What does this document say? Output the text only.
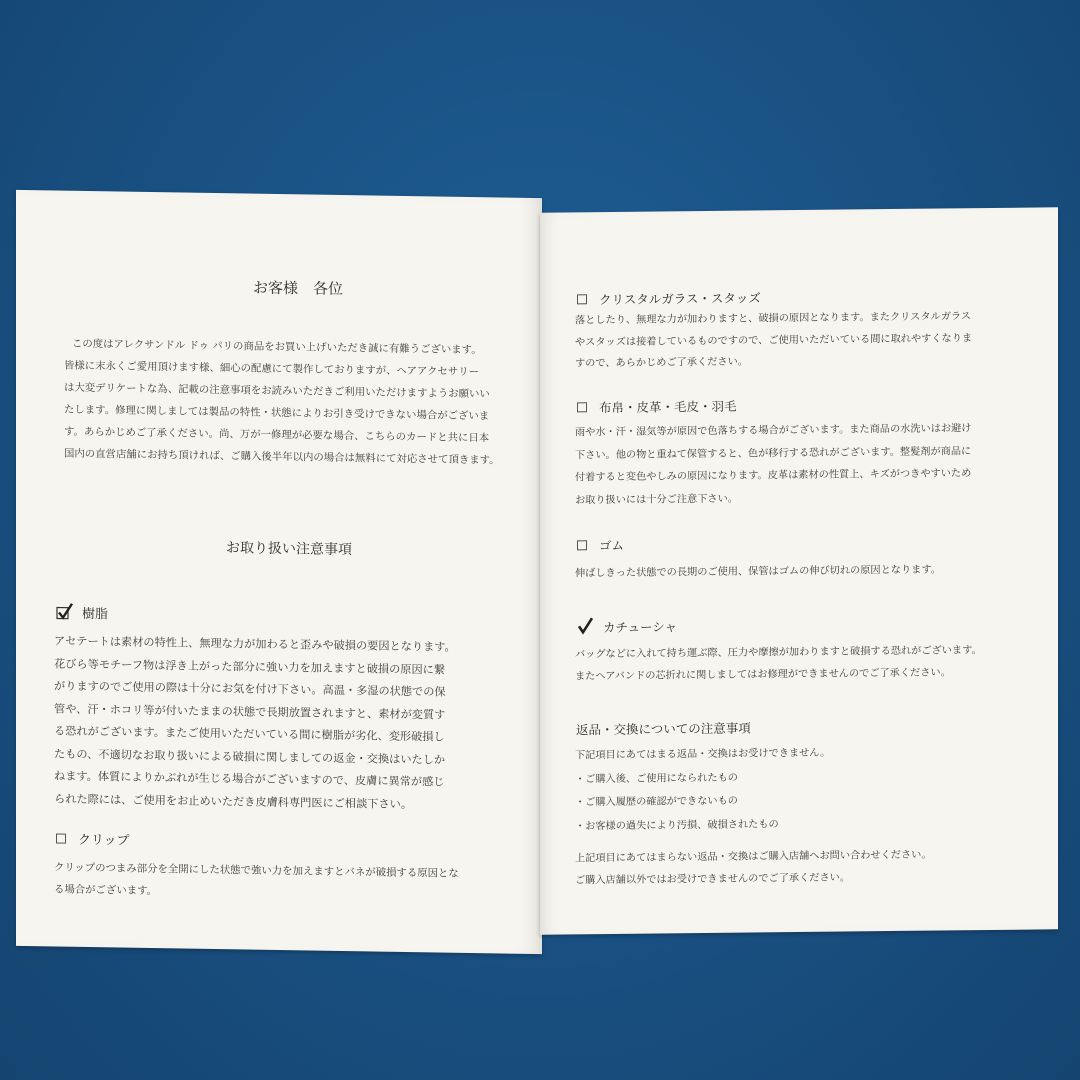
お客様　各位
この度はアレクサンドル ドゥ パリの商品をお買い上げいただき誠に有難うございます。
皆様に末永くご愛用頂けます様、細心の配慮にて製作しておりますが、ヘアアクセサリー
は大変デリケートな為、記載の注意事項をお読みいただきご利用いただけますようお願いい
たします。修理に関しましては製品の特性・状態によりお引き受けできない場合がございま
す。あらかじめご了承ください。尚、万が一修理が必要な場合、こちらのカードと共に日本
国内の直営店舗にお持ち頂ければ、ご購入後半年以内の場合は無料にて対応させて頂きます。
お取り扱い注意事項
樹脂
アセテートは素材の特性上、無理な力が加わると歪みや破損の要因となります。
花びら等モチーフ物は浮き上がった部分に強い力を加えますと破損の原因に繋
がりますのでご使用の際は十分にお気を付け下さい。高温・多湿の状態での保
管や、汗・ホコリ等が付いたままの状態で長期放置されますと、素材が変質す
る恐れがございます。またご使用いただいている間に樹脂が劣化、変形破損し
たもの、不適切なお取り扱いによる破損に関しましての返金・交換はいたしか
ねます。体質によりかぶれが生じる場合がございますので、皮膚に異常が感じ
られた際には、ご使用をお止めいただき皮膚科専門医にご相談下さい。
クリップ
クリップのつまみ部分を全開にした状態で強い力を加えますとバネが破損する原因とな
る場合がございます。
クリスタルガラス・スタッズ
落としたり、無理な力が加わりますと、破損の原因となります。またクリスタルガラス
やスタッズは接着しているものですので、ご使用いただいている間に取れやすくなりま
すので、あらかじめご了承ください。
布帛・皮革・毛皮・羽毛
雨や水・汗・湿気等が原因で色落ちする場合がございます。また商品の水洗いはお避け
下さい。他の物と重ねて保管すると、色が移行する恐れがございます。整髪剤が商品に
付着すると変色やしみの原因になります。皮革は素材の性質上、キズがつきやすいため
お取り扱いには十分ご注意下さい。
ゴム
伸ばしきった状態での長期のご使用、保管はゴムの伸び切れの原因となります。
カチューシャ
バッグなどに入れて持ち運ぶ際、圧力や摩擦が加わりますと破損する恐れがございます。
またヘアバンドの芯折れに関しましてはお修理ができませんのでご了承ください。
返品・交換についての注意事項
下記項目にあてはまる返品・交換はお受けできません。
・ご購入後、ご使用になられたもの
・ご購入履歴の確認ができないもの
・お客様の過失により汚損、破損されたもの
上記項目にあてはまらない返品・交換はご購入店舗へお問い合わせください。
ご購入店舗以外ではお受けできませんのでご了承ください。
